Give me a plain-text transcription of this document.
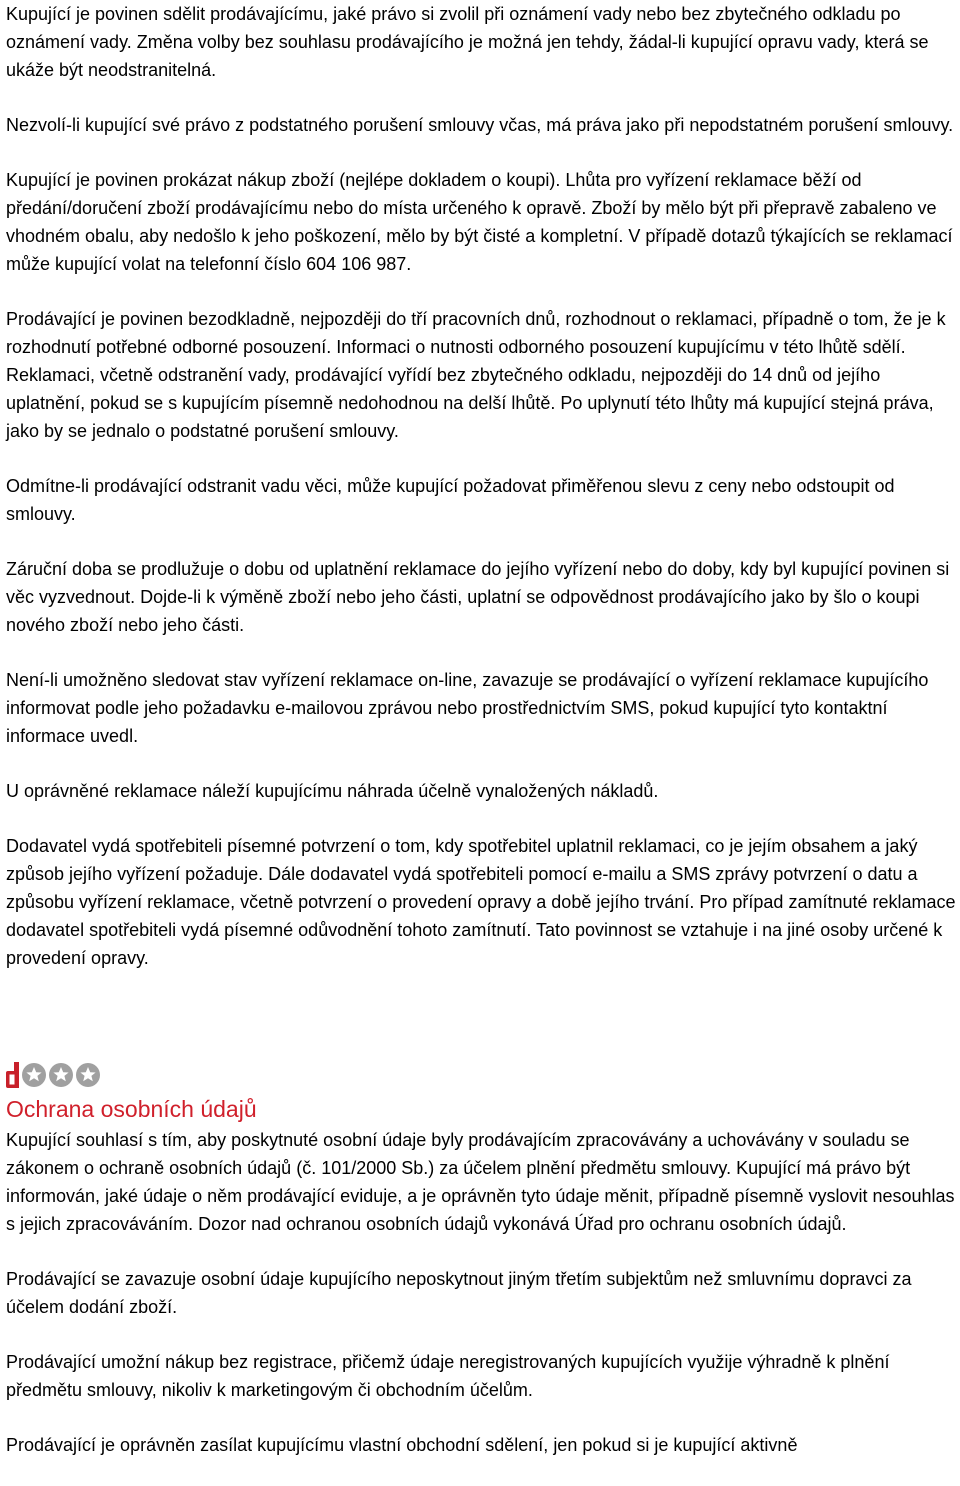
Kupující je povinen sdělit prodávajícímu, jaké právo si zvolil při oznámení vady nebo bez zbytečného odkladu po oznámení vady. Změna volby bez souhlasu prodávajícího je možná jen tehdy, žádal-li kupující opravu vady, která se ukáže být neodstranitelná.

Nezvolí-li kupující své právo z podstatného porušení smlouvy včas, má práva jako při nepodstatném porušení smlouvy.

Kupující je povinen prokázat nákup zboží (nejlépe dokladem o koupi). Lhůta pro vyřízení reklamace běží od předání/doručení zboží prodávajícímu nebo do místa určeného k opravě. Zboží by mělo být při přepravě zabaleno ve vhodném obalu, aby nedošlo k jeho poškození, mělo by být čisté a kompletní. V případě dotazů týkajících se reklamací může kupující volat na telefonní číslo 604 106 987.

Prodávající je povinen bezodkladně, nejpozději do tří pracovních dnů, rozhodnout o reklamaci, případně o tom, že je k rozhodnutí potřebné odborné posouzení. Informaci o nutnosti odborného posouzení kupujícímu v této lhůtě sdělí. Reklamaci, včetně odstranění vady, prodávající vyřídí bez zbytečného odkladu, nejpozději do 14 dnů od jejího uplatnění, pokud se s kupujícím písemně nedohodnou na delší lhůtě. Po uplynutí této lhůty má kupující stejná práva, jako by se jednalo o podstatné porušení smlouvy.

Odmítne-li prodávající odstranit vadu věci, může kupující požadovat přiměřenou slevu z ceny nebo odstoupit od smlouvy.

Záruční doba se prodlužuje o dobu od uplatnění reklamace do jejího vyřízení nebo do doby, kdy byl kupující povinen si věc vyzvednout. Dojde-li k výměně zboží nebo jeho části, uplatní se odpovědnost prodávajícího jako by šlo o koupi nového zboží nebo jeho části.

Není-li umožněno sledovat stav vyřízení reklamace on-line, zavazuje se prodávající o vyřízení reklamace kupujícího informovat podle jeho požadavku e-mailovou zprávou nebo prostřednictvím SMS, pokud kupující tyto kontaktní informace uvedl.

U oprávněné reklamace náleží kupujícímu náhrada účelně vynaložených nákladů.

Dodavatel vydá spotřebiteli písemné potvrzení o tom, kdy spotřebitel uplatnil reklamaci, co je jejím obsahem a jaký způsob jejího vyřízení požaduje. Dále dodavatel vydá spotřebiteli pomocí e-mailu a SMS zprávy potvrzení o datu a způsobu vyřízení reklamace, včetně potvrzení o provedení opravy a době jejího trvání. Pro případ zamítnuté reklamace dodavatel spotřebiteli vydá písemné odůvodnění tohoto zamítnutí. Tato povinnost se vztahuje i na jiné osoby určené k provedení opravy.

Ochrana osobních údajů

Kupující souhlasí s tím, aby poskytnuté osobní údaje byly prodávajícím zpracovávány a uchovávány v souladu se zákonem o ochraně osobních údajů (č. 101/2000 Sb.) za účelem plnění předmětu smlouvy. Kupující má právo být informován, jaké údaje o něm prodávající eviduje, a je oprávněn tyto údaje měnit, případně písemně vyslovit nesouhlas s jejich zpracováváním. Dozor nad ochranou osobních údajů vykonává Úřad pro ochranu osobních údajů.

Prodávající se zavazuje osobní údaje kupujícího neposkytnout jiným třetím subjektům než smluvnímu dopravci za účelem dodání zboží.

Prodávající umožní nákup bez registrace, přičemž údaje neregistrovaných kupujících využije výhradně k plnění předmětu smlouvy, nikoliv k marketingovým či obchodním účelům.

Prodávající je oprávněn zasílat kupujícímu vlastní obchodní sdělení, jen pokud si je kupující aktivně
